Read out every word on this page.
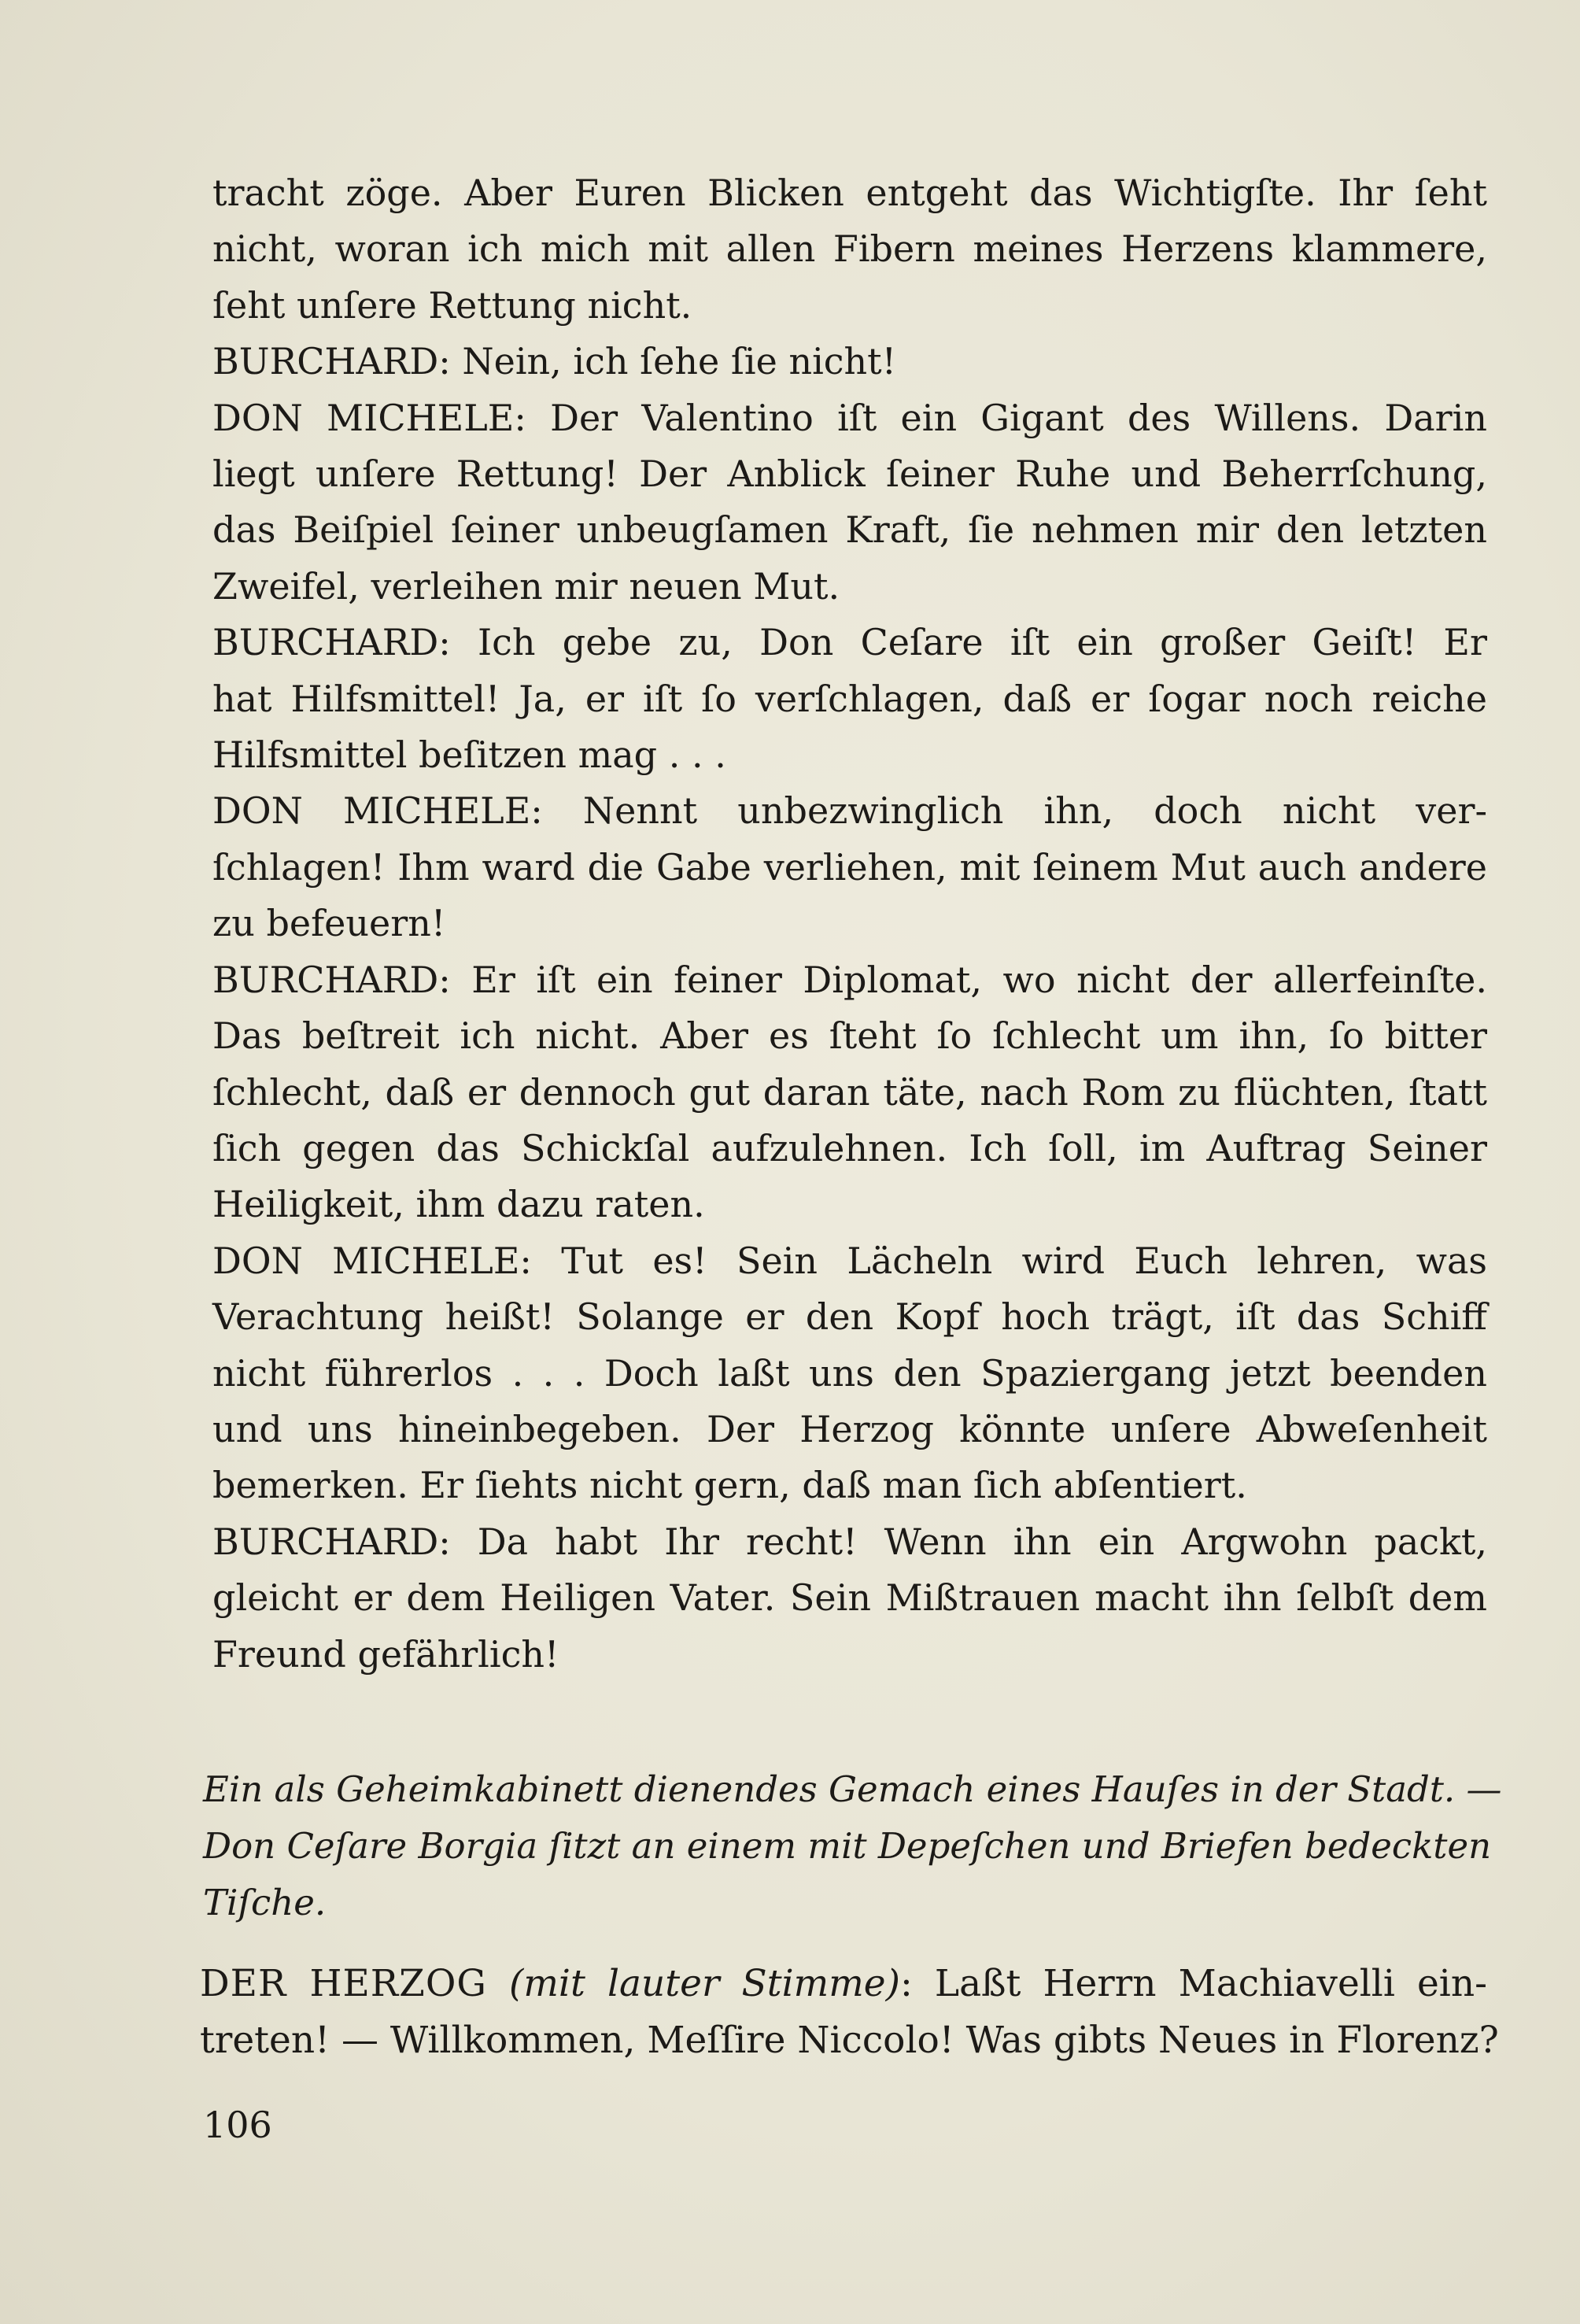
tracht zöge. Aber Euren Blicken entgeht das Wichtigſte. Ihr ſeht
nicht, woran ich mich mit allen Fibern meines Herzens klammere,
ſeht unſere Rettung nicht.
BURCHARD: Nein, ich ſehe ſie nicht!
DON MICHELE: Der Valentino iſt ein Gigant des Willens. Darin
liegt unſere Rettung! Der Anblick ſeiner Ruhe und Beherrſchung,
das Beiſpiel ſeiner unbeugſamen Kraft, ſie nehmen mir den letzten
Zweifel, verleihen mir neuen Mut.
BURCHARD: Ich gebe zu, Don Ceſare iſt ein großer Geiſt! Er
hat Hilfsmittel! Ja, er iſt ſo verſchlagen, daß er ſogar noch reiche
Hilfsmittel beſitzen mag . . .
DON MICHELE: Nennt unbezwinglich ihn, doch nicht ver-
ſchlagen! Ihm ward die Gabe verliehen, mit ſeinem Mut auch andere
zu befeuern!
BURCHARD: Er iſt ein feiner Diplomat, wo nicht der allerfeinſte.
Das beſtreit ich nicht. Aber es ſteht ſo ſchlecht um ihn, ſo bitter
ſchlecht, daß er dennoch gut daran täte, nach Rom zu flüchten, ſtatt
ſich gegen das Schickſal aufzulehnen. Ich ſoll, im Auftrag Seiner
Heiligkeit, ihm dazu raten.
DON MICHELE: Tut es! Sein Lächeln wird Euch lehren, was
Verachtung heißt! Solange er den Kopf hoch trägt, iſt das Schiff
nicht führerlos . . . Doch laßt uns den Spaziergang jetzt beenden
und uns hineinbegeben. Der Herzog könnte unſere Abweſenheit
bemerken. Er ſiehts nicht gern, daß man ſich abſentiert.
BURCHARD: Da habt Ihr recht! Wenn ihn ein Argwohn packt,
gleicht er dem Heiligen Vater. Sein Mißtrauen macht ihn ſelbſt dem
Freund gefährlich!
Ein als Geheimkabinett dienendes Gemach eines Hauſes in der Stadt. —
Don Ceſare Borgia ſitzt an einem mit Depeſchen und Briefen bedeckten
Tiſche.
DER HERZOG (mit lauter Stimme): Laßt Herrn Machiavelli ein-
treten! — Willkommen, Meſſire Niccolo! Was gibts Neues in Florenz?
106
